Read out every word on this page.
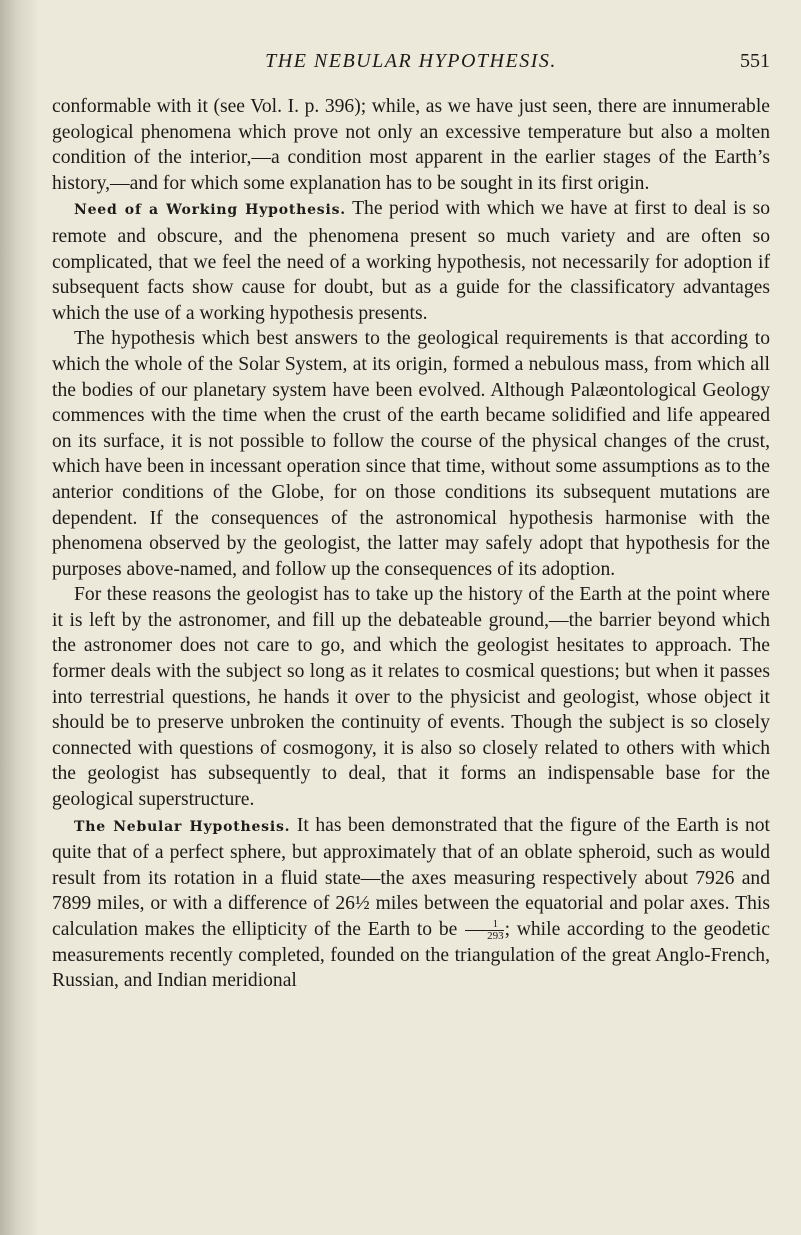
THE NEBULAR HYPOTHESIS.	551

conformable with it (see Vol. I. p. 396); while, as we have just seen, there are innumerable geological phenomena which prove not only an excessive temperature but also a molten condition of the interior,—a condition most apparent in the earlier stages of the Earth’s history,—and for which some explanation has to be sought in its first origin.

Need of a Working Hypothesis. The period with which we have at first to deal is so remote and obscure, and the phenomena present so much variety and are often so complicated, that we feel the need of a working hypothesis, not necessarily for adoption if subsequent facts show cause for doubt, but as a guide for the classificatory advantages which the use of a working hypothesis presents.

The hypothesis which best answers to the geological requirements is that according to which the whole of the Solar System, at its origin, formed a nebulous mass, from which all the bodies of our planetary system have been evolved. Although Palæontological Geology commences with the time when the crust of the earth became solidified and life appeared on its surface, it is not possible to follow the course of the physical changes of the crust, which have been in incessant operation since that time, without some assumptions as to the anterior conditions of the Globe, for on those conditions its subsequent mutations are dependent. If the consequences of the astronomical hypothesis harmonise with the phenomena observed by the geologist, the latter may safely adopt that hypothesis for the purposes above-named, and follow up the consequences of its adoption.

For these reasons the geologist has to take up the history of the Earth at the point where it is left by the astronomer, and fill up the debateable ground,—the barrier beyond which the astronomer does not care to go, and which the geologist hesitates to approach. The former deals with the subject so long as it relates to cosmical questions; but when it passes into terrestrial questions, he hands it over to the physicist and geologist, whose object it should be to preserve unbroken the continuity of events. Though the subject is so closely connected with questions of cosmogony, it is also so closely related to others with which the geologist has subsequently to deal, that it forms an indispensable base for the geological superstructure.

The Nebular Hypothesis. It has been demonstrated that the figure of the Earth is not quite that of a perfect sphere, but approximately that of an oblate spheroid, such as would result from its rotation in a fluid state—the axes measuring respectively about 7926 and 7899 miles, or with a difference of 26½ miles between the equatorial and polar axes. This calculation makes the ellipticity of the Earth to be $\frac{1}{293}$ ; while according to the geodetic measurements recently completed, founded on the triangulation of the great Anglo-French, Russian, and Indian meridional
